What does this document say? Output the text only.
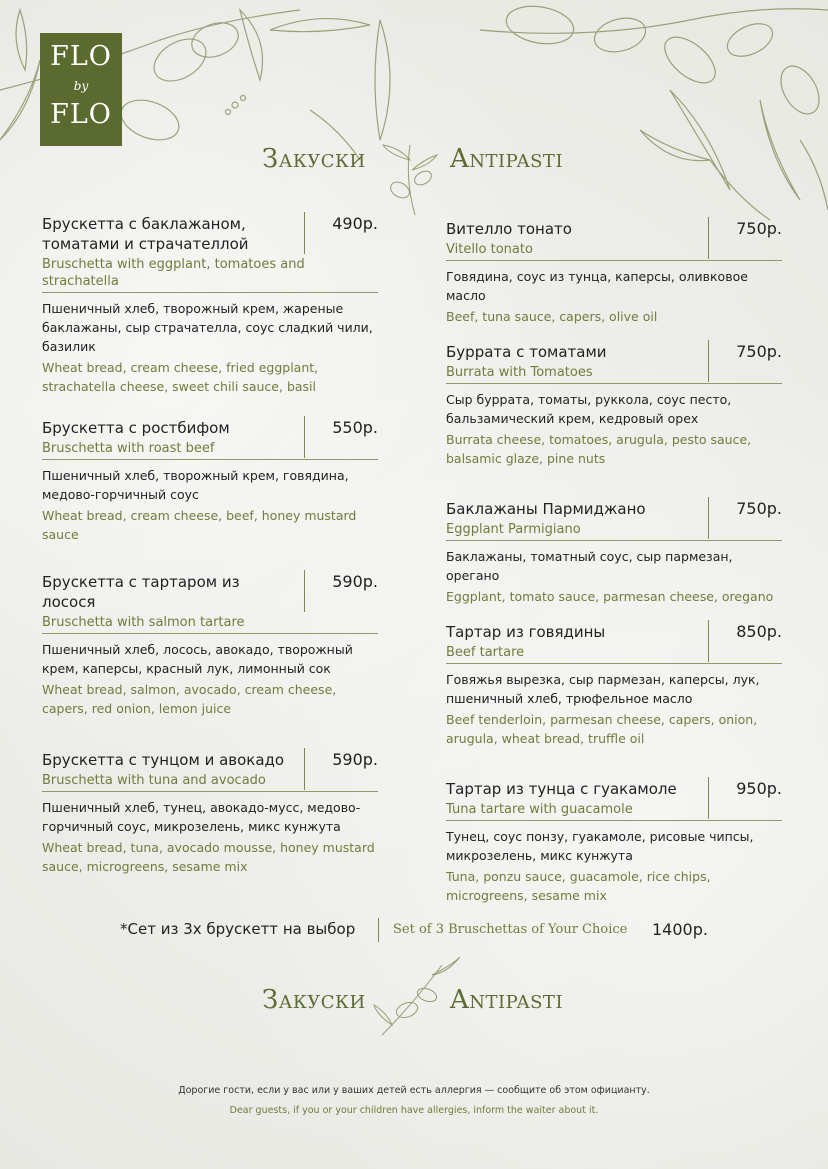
FLO
by
FLO
Закуски	Antipasti
Брускетта с баклажаном, томатами и страчателлой
490р.
Bruschetta with eggplant, tomatoes and strachatella
Пшеничный хлеб, творожный крем, жареные баклажаны, сыр страчателла, соус сладкий чили, базилик
Wheat bread, cream cheese, fried eggplant, strachatella cheese, sweet chili sauce, basil
Брускетта с ростбифом	550р.
Bruschetta with roast beef
Пшеничный хлеб, творожный крем, говядина, медово-горчичный соус
Wheat bread, cream cheese, beef, honey mustard sauce
Брускетта с тартаром из лосося
590р.
Bruschetta with salmon tartare
Пшеничный хлеб, лосось, авокадо, творожный крем, каперсы, красный лук, лимонный сок
Wheat bread, salmon, avocado, cream cheese, capers, red onion, lemon juice
Брускетта с тунцом и авокадо	590р.
Bruschetta with tuna and avocado
Пшеничный хлеб, тунец, авокадо-мусс, медово-горчичный соус, микрозелень, микс кунжута
Wheat bread, tuna, avocado mousse, honey mustard sauce, microgreens, sesame mix
Вителло тонато	750р.
Vitello tonato
Говядина, соус из тунца, каперсы, оливковое масло
Beef, tuna sauce, capers, olive oil
Буррата с томатами	750р.
Burrata with Tomatoes
Сыр буррата, томаты, руккола, соус песто, бальзамический крем, кедровый орех
Burrata cheese, tomatoes, arugula, pesto sauce, balsamic glaze, pine nuts
Баклажаны Пармиджано	750р.
Eggplant Parmigiano
Баклажаны, томатный соус, сыр пармезан, орегано
Eggplant, tomato sauce, parmesan cheese, oregano
Тартар из говядины	850р.
Beef tartare
Говяжья вырезка, сыр пармезан, каперсы, лук, пшеничный хлеб, трюфельное масло
Beef tenderloin, parmesan cheese, capers, onion, arugula, wheat bread, truffle oil
Тартар из тунца с гуакамоле	950р.
Tuna tartare with guacamole
Тунец, соус понзу, гуакамоле, рисовые чипсы, микрозелень, микс кунжута
Tuna, ponzu sauce, guacamole, rice chips, microgreens, sesame mix
*Сет из 3х брускетт на выбор	Set of 3 Bruschettas of Your Choice 1400р.
Закуски	Antipasti
Дорогие гости, если у вас или у ваших детей есть аллергия — сообщите об этом официанту.
Dear guests, if you or your children have allergies, inform the waiter about it.
